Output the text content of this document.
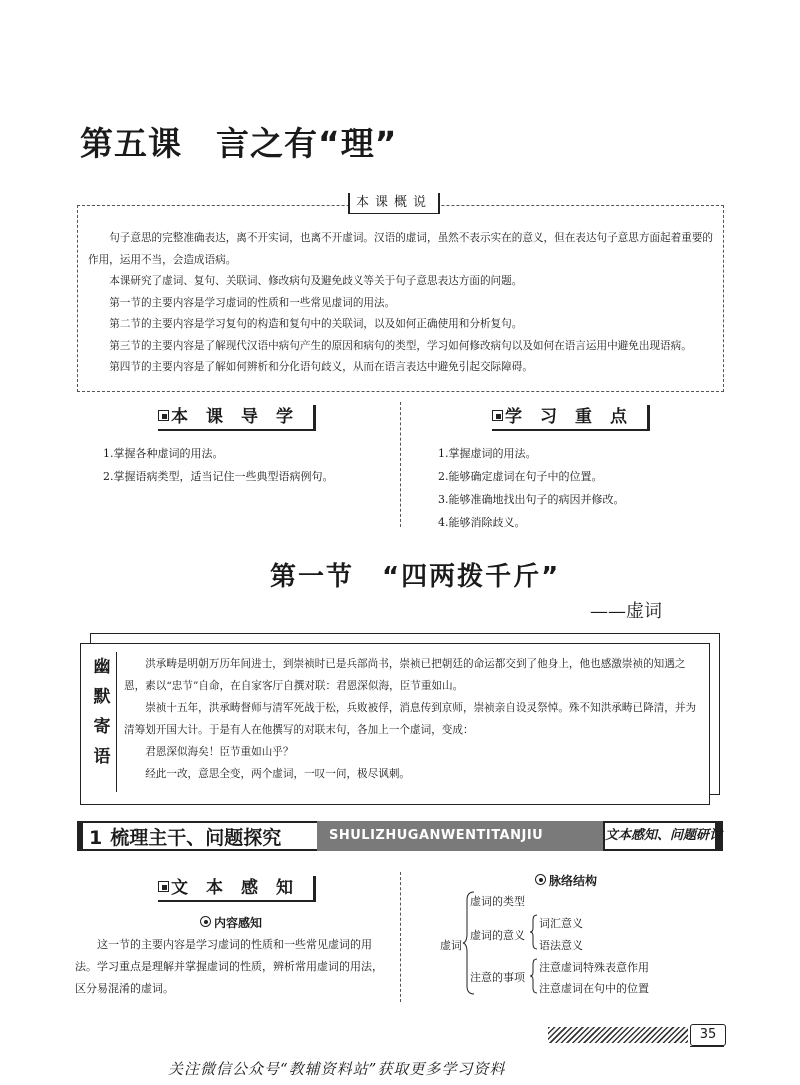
第五课 言之有“理”
本课概说

句子意思的完整准确表达，离不开实词，也离不开虚词。汉语的虚词，虽然不表示实在的意义，但在表达句子意思方面起着重要的作用，运用不当，会造成语病。

本课研究了虚词、复句、关联词、修改病句及避免歧义等关于句子意思表达方面的问题。

第一节的主要内容是学习虚词的性质和一些常见虚词的用法。

第二节的主要内容是学习复句的构造和复句中的关联词，以及如何正确使用和分析复句。

第三节的主要内容是了解现代汉语中病句产生的原因和病句的类型，学习如何修改病句以及如何在语言运用中避免出现语病。

第四节的主要内容是了解如何辨析和分化语句歧义，从而在语言表达中避免引起交际障碍。

本课导学
1.掌握各种虚词的用法。
2.掌握语病类型，适当记住一些典型语病例句。
学习重点
1.掌握虚词的用法。
2.能够确定虚词在句子中的位置。
3.能够准确地找出句子的病因并修改。
4.能够消除歧义。
第一节　“四两拨千斤”
——虚词
幽
默
寄
语

洪承畴是明朝万历年间进士，到崇祯时已是兵部尚书，崇祯已把朝廷的命运都交到了他身上，他也感激崇祯的知遇之恩，素以“忠节”自命，在自家客厅自撰对联：君恩深似海，臣节重如山。

崇祯十五年，洪承畴督师与清军死战于松，兵败被俘，消息传到京师，崇祯亲自设灵祭悼。殊不知洪承畴已降清，并为清筹划开国大计。于是有人在他撰写的对联末句，各加上一个虚词，变成：

君恩深似海矣！臣节重如山乎？

经此一改，意思全变，两个虚词，一叹一问，极尽讽刺。

1 梳理主干、问题探究	SHULIZHUGANWENTITANJIU	文本感知、问题研讨
文本感知
内容感知

这一节的主要内容是学习虚词的性质和一些常见虚词的用法。学习重点是理解并掌握虚词的性质，辨析常用虚词的用法，区分易混淆的虚词。

脉络结构
虚词
虚词的类型
虚词的意义
词汇意义
语法意义
注意的事项
注意虚词特殊表意作用
注意虚词在句中的位置
35
关注微信公众号“教辅资料站”获取更多学习资料
